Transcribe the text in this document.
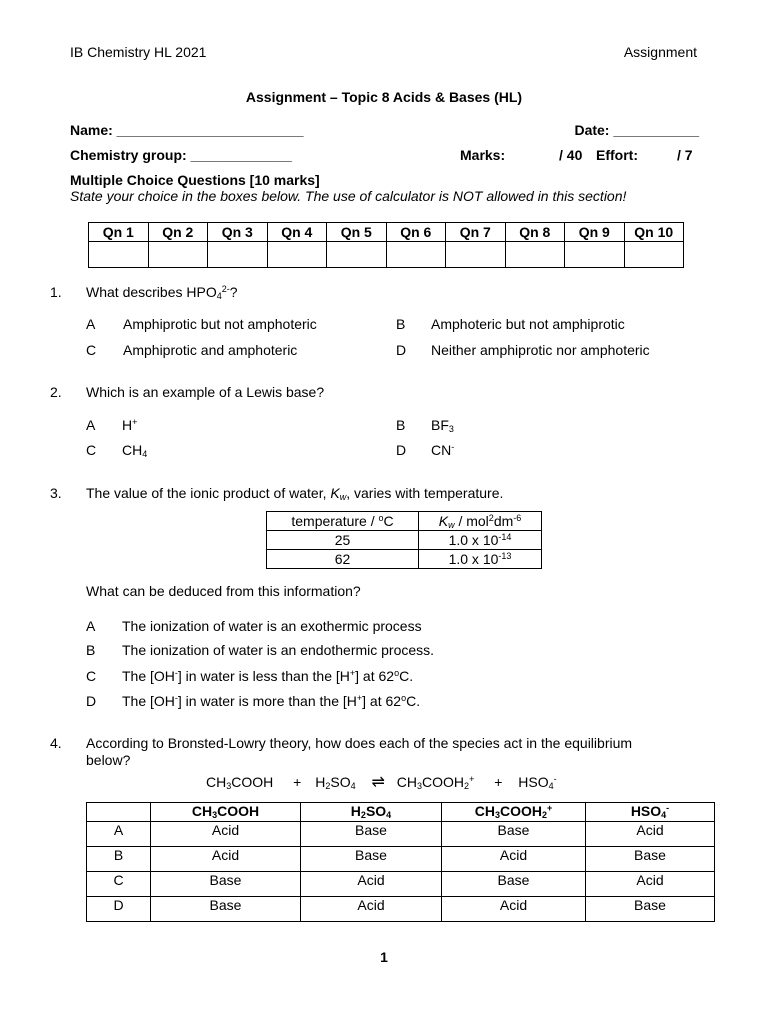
IB Chemistry HL 2021	Assignment
Assignment – Topic 8 Acids & Bases (HL)
Name: ________________________	Date: ___________
Chemistry group: _____________	Marks:	/ 40 Effort:	/ 7
Multiple Choice Questions [10 marks]
State your choice in the boxes below. The use of calculator is NOT allowed in this section!
Qn 1	Qn 2	Qn 3	Qn 4	Qn 5	Qn 6	Qn 7	Qn 8	Qn 9	Qn 10

1. What describes $HPO_4^{2-}$?
A Amphiprotic but not amphoteric	B Amphoteric but not amphiprotic
C Amphiprotic and amphoteric	D Neither amphiprotic nor amphoteric
2. Which is an example of a Lewis base?
A H+	B $BF_3$
C $CH_4$	D CN-
3. The value of the ionic product of water, $K_w$, varies with temperature.
temperature / $^o$C	$K_w / mol^2dm^{-6}$
25	1.0 x $10^{-14}$
62	1.0 x $10^{-13}$
What can be deduced from this information?
A The ionization of water is an exothermic process
B The ionization of water is an endothermic process.
C The [OH-] in water is less than the [H+] at 62$^o$C.
D The [OH-] in water is more than the [H+] at 62$^o$C.
4. According to Bronsted-Lowry theory, how does each of the species act in the equilibrium
below?
$CH_3COOH + H_2SO_4$ ⇌ $CH_3COOH_2^+ + HSO_4^-$
	$CH_3COOH$	$H_2SO_4$	$CH_3COOH_2^+$	$HSO_4^-$
A	Acid	Base	Base	Acid
B	Acid	Base	Acid	Base
C	Base	Acid	Base	Acid
D	Base	Acid	Acid	Base
1
